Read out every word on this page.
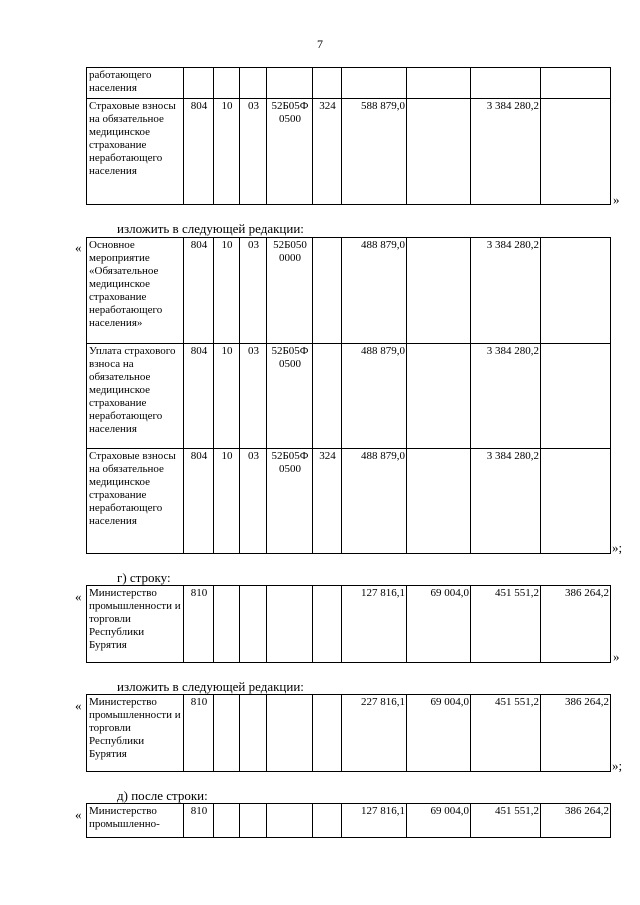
7
работающего населения									
Страховые взносы на обязательное медицинское страхование неработающего населения	804	10	03	52Б05Ф 0500	324	588 879,0		3 384 280,2	
»
изложить в следующей редакции:
« Основное мероприятие «Обязательное медицинское страхование неработающего населения»	804	10	03	52Б050 0000		488 879,0		3 384 280,2	
Уплата страхового взноса на обязательное медицинское страхование неработающего населения	804	10	03	52Б05Ф 0500		488 879,0		3 384 280,2	
Страховые взносы на обязательное медицинское страхование неработающего населения	804	10	03	52Б05Ф 0500	324	488 879,0		3 384 280,2	
»;
г) строку:
« Министерство промышленности и торговли Республики Бурятия	810					127 816,1	69 004,0	451 551,2	386 264,2
»
изложить в следующей редакции:
« Министерство промышленности и торговли Республики Бурятия	810					227 816,1	69 004,0	451 551,2	386 264,2
»;
д) после строки:
« Министерство промышленно-	810					127 816,1	69 004,0	451 551,2	386 264,2
